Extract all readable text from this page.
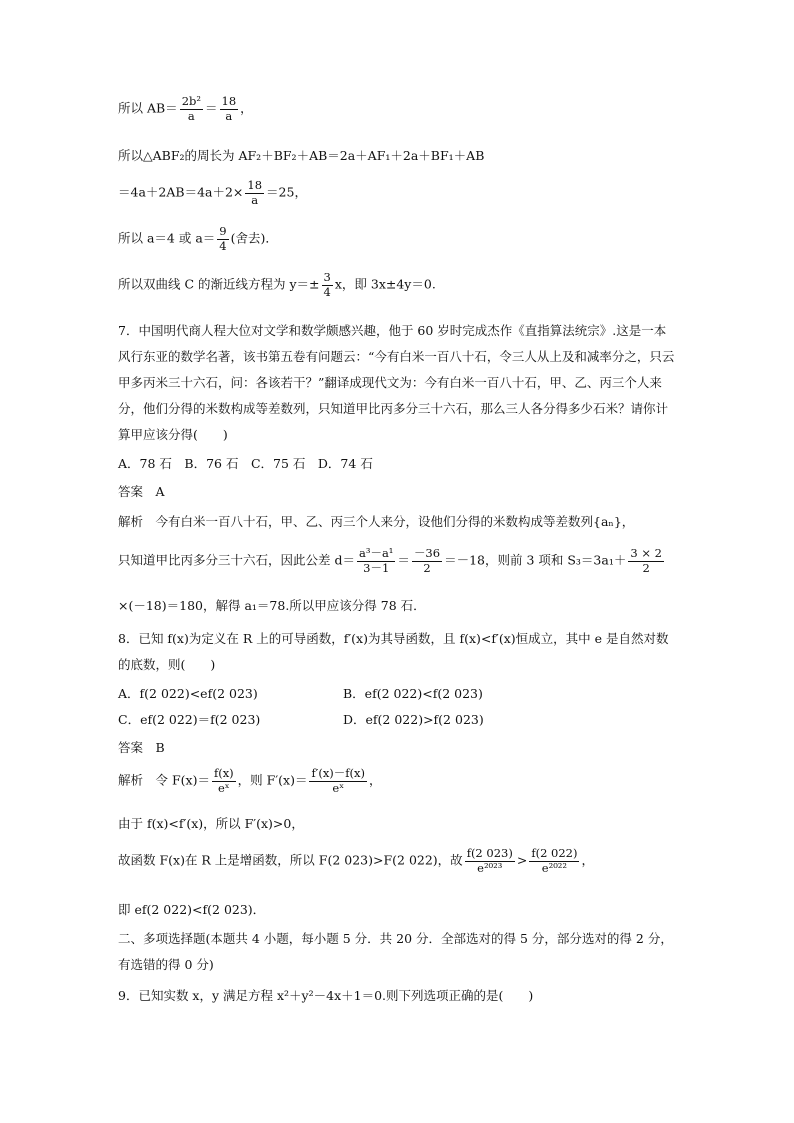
所以 $AB= \frac{\text{2b²}}{a} = \frac{18}{a}$ ，
所以△ABF₂的周长为 AF₂＋BF₂＋AB＝2a＋AF₁＋2a＋BF₁＋AB
$=4a+2AB=4a+2\times \frac{18}{a} =25$，
所以 a＝4 或 $a= \frac{9}{4}$ (舍去)．
所以双曲线 C 的渐近线方程为 $y=\pm \frac{3}{4}$ x，即 3x±4y＝0.
7．中国明代商人程大位对文学和数学颇感兴趣，他于 60 岁时完成杰作《直指算法统宗》.这是一本风行东亚的数学名著，该书第五卷有问题云：“今有白米一百八十石，令三人从上及和减率分之，只云甲多丙米三十六石，问：各该若干？”翻译成现代文为：今有白米一百八十石，甲、乙、丙三个人来分，他们分得的米数构成等差数列，只知道甲比丙多分三十六石，那么三人各分得多少石米？请你计算甲应该分得(　　)
A．78 石　B．76 石　C．75 石　D．74 石
答案　A
解析　今有白米一百八十石，甲、乙、丙三个人来分，设他们分得的米数构成等差数列{aₙ}，
只知道甲比丙多分三十六石，因此公差 $d= \frac{\text{a³－a¹}}{3-1} = \frac{-36}{2} =-18$，则前 3 项和 $S_3=3a_1+ \frac{3 \times 2}{2}$
×(－18)＝180，解得 a₁＝78.所以甲应该分得 78 石．
8．已知 f(x)为定义在 R 上的可导函数，f′(x)为其导函数，且 f(x)<f′(x)恒成立，其中 e 是自然对数的底数，则(　　)
A．f(2 022)<ef(2 023)	B．ef(2 022)<f(2 023)
C．ef(2 022)＝f(2 023)	D．ef(2 022)>f(2 023)
答案　B
解析　令 $F(x)= \frac{f(x)}{\text{eˣ}}$ ，则 $F'(x)= \frac{f'(x)-f(x)}{\text{eˣ}}$ ，
由于 f(x)<f′(x)，所以 F′(x)>0，
故函数 F(x)在 R 上是增函数，所以 F(2 023)>F(2 022)，故 $\frac{f(2 023)}{\text{e²⁰²³}} > \frac{f(2 022)}{\text{e²⁰²²}}$ ，
即 ef(2 022)<f(2 023)．
二、多项选择题(本题共 4 小题，每小题 5 分．共 20 分．全部选对的得 5 分，部分选对的得 2 分，有选错的得 0 分)
9．已知实数 x，y 满足方程 x²＋y²－4x＋1＝0.则下列选项正确的是(　　)
